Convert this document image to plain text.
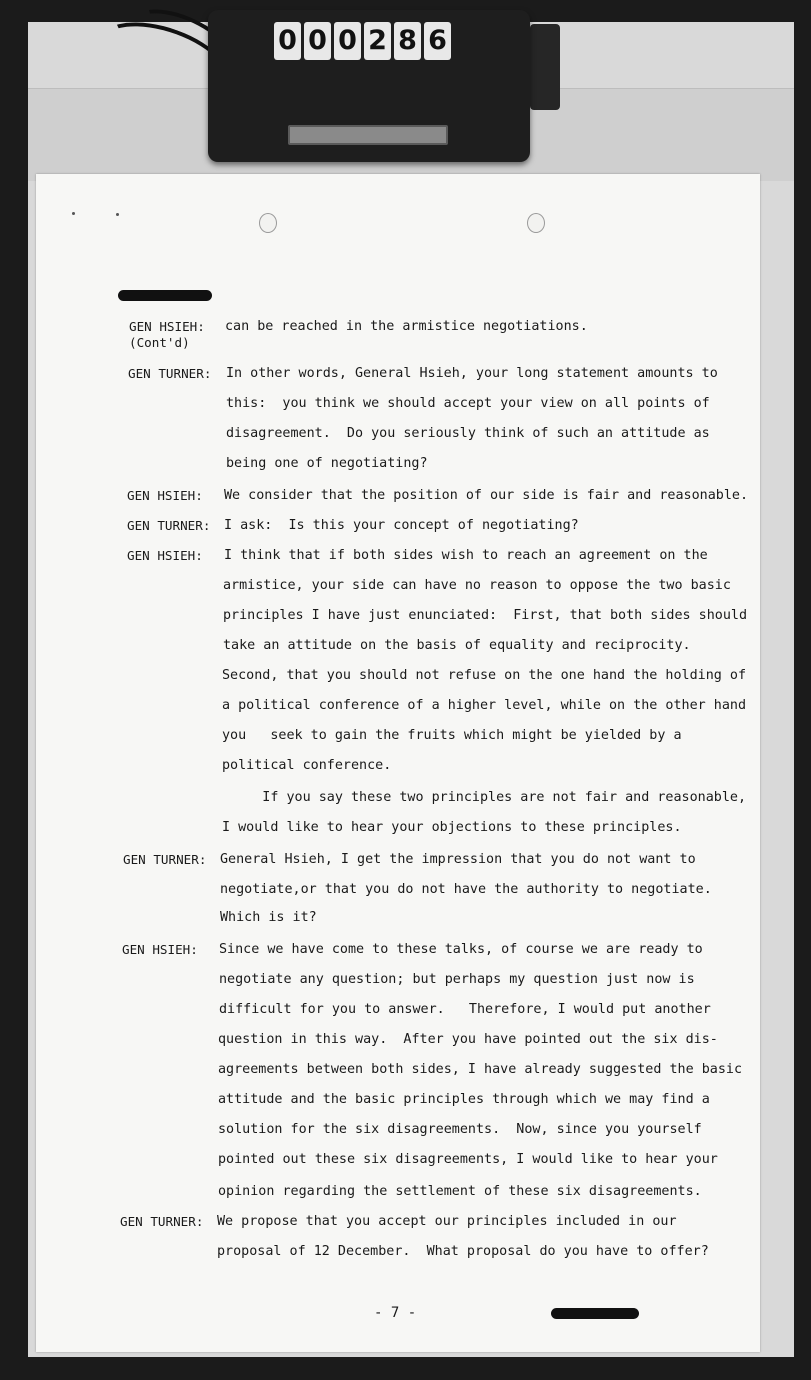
0 0 0 2 8 6
GEN HSIEH:
(Cont'd)
can be reached in the armistice negotiations.
GEN TURNER: In other words, General Hsieh, your long statement amounts to
this:  you think we should accept your view on all points of
disagreement.  Do you seriously think of such an attitude as
being one of negotiating?
GEN HSIEH: We consider that the position of our side is fair and reasonable.
GEN TURNER: I ask:  Is this your concept of negotiating?
GEN HSIEH: I think that if both sides wish to reach an agreement on the
armistice, your side can have no reason to oppose the two basic
principles I have just enunciated:  First, that both sides should
take an attitude on the basis of equality and reciprocity.
Second, that you should not refuse on the one hand the holding of
a political conference of a higher level, while on the other hand
you   seek to gain the fruits which might be yielded by a
political conference.
If you say these two principles are not fair and reasonable,
I would like to hear your objections to these principles.
GEN TURNER: General Hsieh, I get the impression that you do not want to
negotiate,or that you do not have the authority to negotiate.
Which is it?
GEN HSIEH: Since we have come to these talks, of course we are ready to
negotiate any question; but perhaps my question just now is
difficult for you to answer.   Therefore, I would put another
question in this way.  After you have pointed out the six dis-
agreements between both sides, I have already suggested the basic
attitude and the basic principles through which we may find a
solution for the six disagreements.  Now, since you yourself
pointed out these six disagreements, I would like to hear your
opinion regarding the settlement of these six disagreements.
GEN TURNER: We propose that you accept our principles included in our
proposal of 12 December.  What proposal do you have to offer?
- 7 -
